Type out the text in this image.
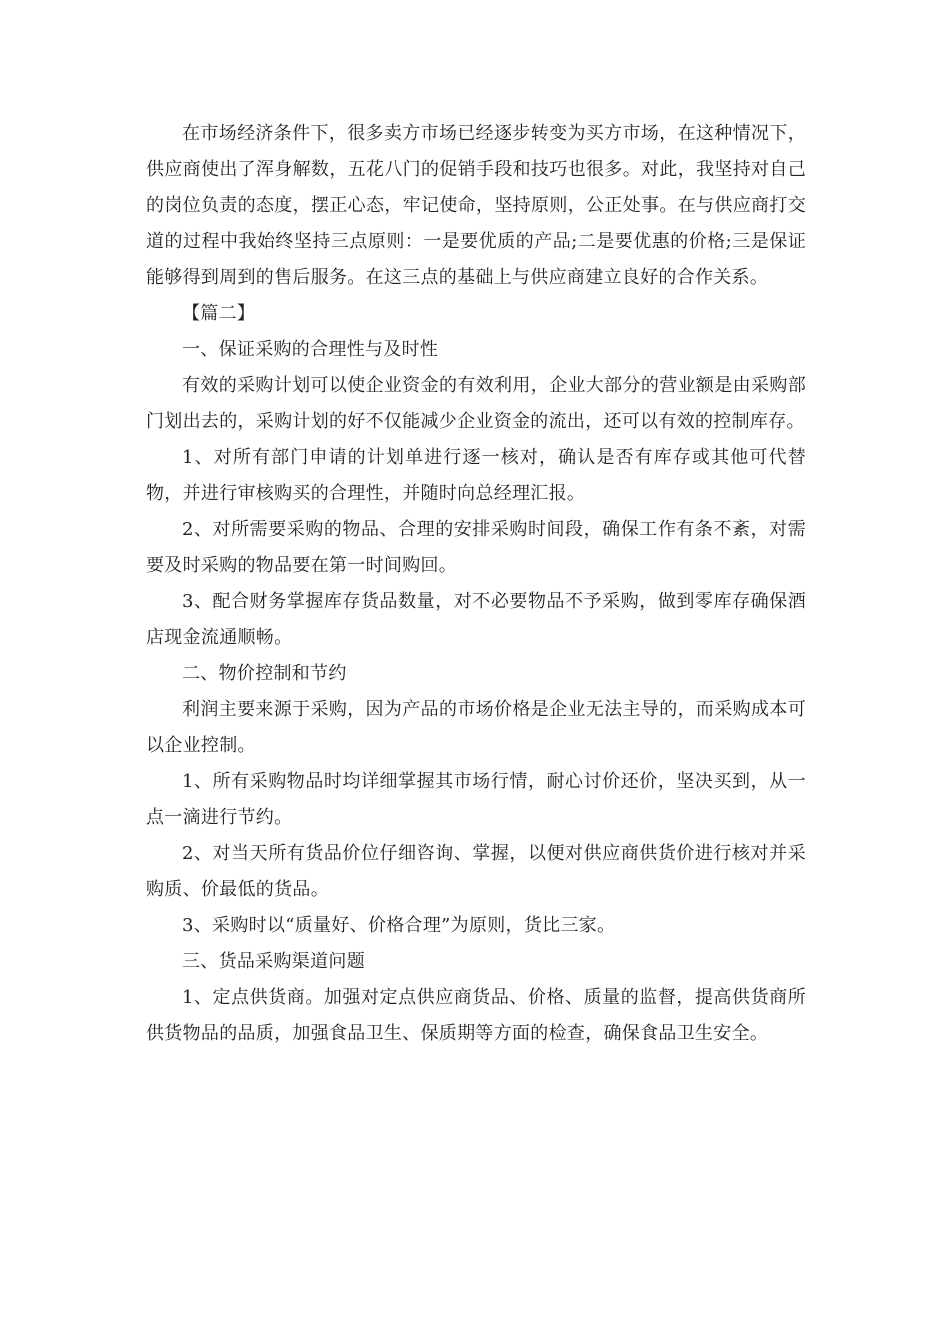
在市场经济条件下，很多卖方市场已经逐步转变为买方市场，在这种情况下，供应商使出了浑身解数，五花八门的促销手段和技巧也很多。对此，我坚持对自己的岗位负责的态度，摆正心态，牢记使命，坚持原则，公正处事。在与供应商打交道的过程中我始终坚持三点原则：一是要优质的产品;二是要优惠的价格;三是保证能够得到周到的售后服务。在这三点的基础上与供应商建立良好的合作关系。

【篇二】

一、保证采购的合理性与及时性

有效的采购计划可以使企业资金的有效利用，企业大部分的营业额是由采购部门划出去的，采购计划的好不仅能减少企业资金的流出，还可以有效的控制库存。

1、对所有部门申请的计划单进行逐一核对，确认是否有库存或其他可代替物，并进行审核购买的合理性，并随时向总经理汇报。

2、对所需要采购的物品、合理的安排采购时间段，确保工作有条不紊，对需要及时采购的物品要在第一时间购回。

3、配合财务掌握库存货品数量，对不必要物品不予采购，做到零库存确保酒店现金流通顺畅。

二、物价控制和节约

利润主要来源于采购，因为产品的市场价格是企业无法主导的，而采购成本可以企业控制。

1、所有采购物品时均详细掌握其市场行情，耐心讨价还价，坚决买到，从一点一滴进行节约。

2、对当天所有货品价位仔细咨询、掌握，以便对供应商供货价进行核对并采购质、价最低的货品。

3、采购时以“质量好、价格合理”为原则，货比三家。

三、货品采购渠道问题

1、定点供货商。加强对定点供应商货品、价格、质量的监督，提高供货商所供货物品的品质，加强食品卫生、保质期等方面的检查，确保食品卫生安全。
